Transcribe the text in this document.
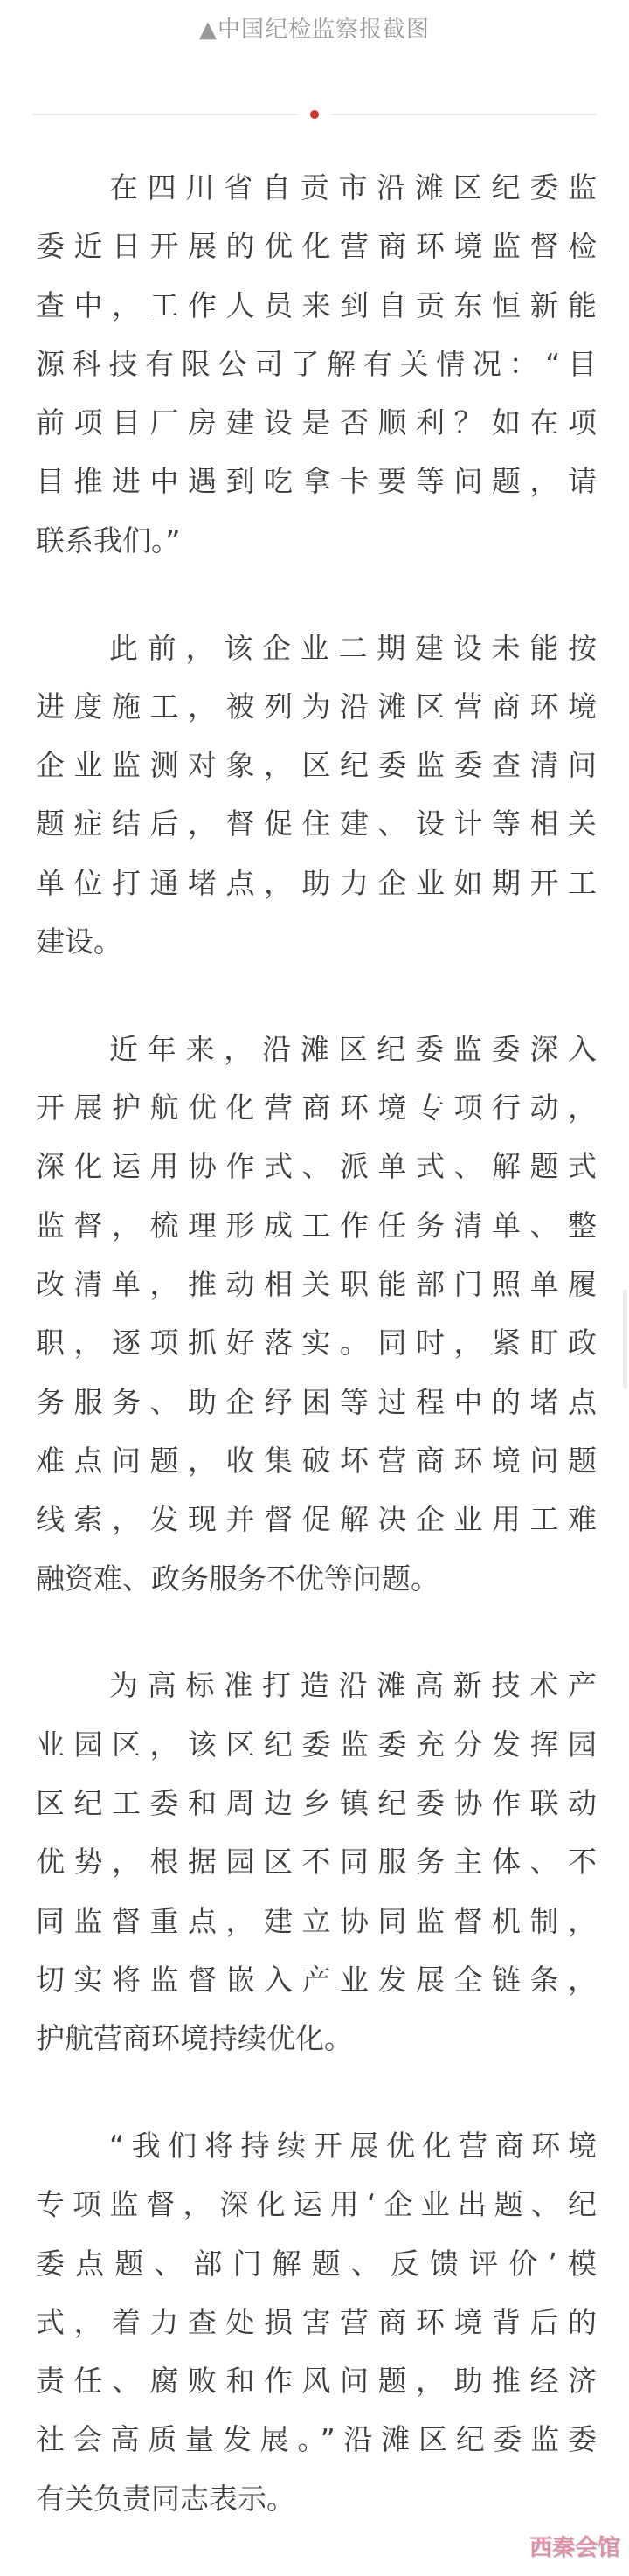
▲中国纪检监察报截图
在四川省自贡市沿滩区纪委监
委近日开展的优化营商环境监督检
查中，工作人员来到自贡东恒新能
源科技有限公司了解有关情况：“目
前项目厂房建设是否顺利？如在项
目推进中遇到吃拿卡要等问题，请
联系我们。”
此前，该企业二期建设未能按
进度施工，被列为沿滩区营商环境
企业监测对象，区纪委监委查清问
题症结后，督促住建、设计等相关
单位打通堵点，助力企业如期开工
建设。
近年来，沿滩区纪委监委深入
开展护航优化营商环境专项行动，
深化运用协作式、派单式、解题式
监督，梳理形成工作任务清单、整
改清单，推动相关职能部门照单履
职，逐项抓好落实。同时，紧盯政
务服务、助企纾困等过程中的堵点
难点问题，收集破坏营商环境问题
线索，发现并督促解决企业用工难
融资难、政务服务不优等问题。
为高标准打造沿滩高新技术产
业园区，该区纪委监委充分发挥园
区纪工委和周边乡镇纪委协作联动
优势，根据园区不同服务主体、不
同监督重点，建立协同监督机制，
切实将监督嵌入产业发展全链条，
护航营商环境持续优化。
“我们将持续开展优化营商环境
专项监督，深化运用‘企业出题、纪
委点题、部门解题、反馈评价’模
式，着力查处损害营商环境背后的
责任、腐败和作风问题，助推经济
社会高质量发展。”沿滩区纪委监委
有关负责同志表示。
西秦会馆
